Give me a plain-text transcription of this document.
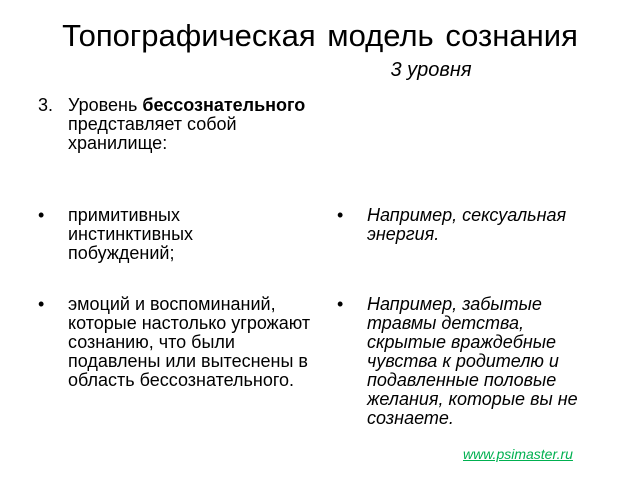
Топографическая модель сознания
3 уровня
3. Уровень бессознательного представляет собой хранилище:
• примитивных инстинктивных побуждений;
• эмоций и воспоминаний, которые настолько угрожают сознанию, что были подавлены или вытеснены в область бессознательного.
• Например, сексуальная энергия.
• Например, забытые травмы детства, скрытые враждебные чувства к родителю и подавленные половые желания, которые вы не сознаете.
www.psimaster.ru
